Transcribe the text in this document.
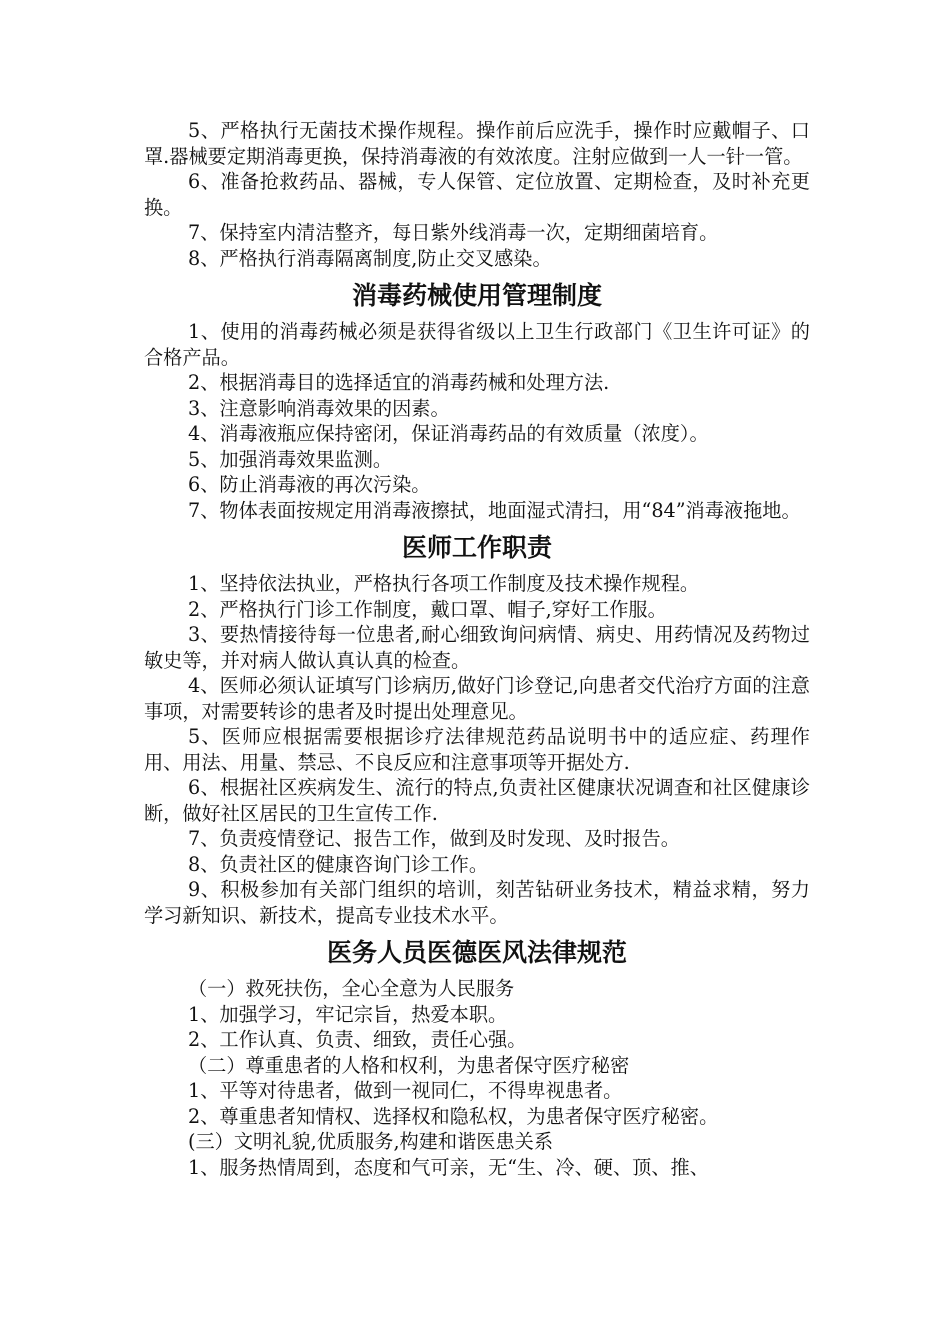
5、严格执行无菌技术操作规程。操作前后应洗手，操作时应戴帽子、口罩.器械要定期消毒更换，保持消毒液的有效浓度。注射应做到一人一针一管。

6、准备抢救药品、器械，专人保管、定位放置、定期检查，及时补充更换。

7、保持室内清洁整齐，每日紫外线消毒一次，定期细菌培育。

8、严格执行消毒隔离制度,防止交叉感染。

消毒药械使用管理制度

1、使用的消毒药械必须是获得省级以上卫生行政部门《卫生许可证》的合格产品。

2、根据消毒目的选择适宜的消毒药械和处理方法.

3、注意影响消毒效果的因素。

4、消毒液瓶应保持密闭，保证消毒药品的有效质量（浓度）。

5、加强消毒效果监测。

6、防止消毒液的再次污染。

7、物体表面按规定用消毒液擦拭，地面湿式清扫，用“84”消毒液拖地。

医师工作职责

1、坚持依法执业，严格执行各项工作制度及技术操作规程。

2、严格执行门诊工作制度，戴口罩、帽子,穿好工作服。

3、要热情接待每一位患者,耐心细致询问病情、病史、用药情况及药物过敏史等，并对病人做认真认真的检查。

4、医师必须认证填写门诊病历,做好门诊登记,向患者交代治疗方面的注意事项，对需要转诊的患者及时提出处理意见。

5、医师应根据需要根据诊疗法律规范药品说明书中的适应症、药理作用、用法、用量、禁忌、不良反应和注意事项等开据处方.

6、根据社区疾病发生、流行的特点,负责社区健康状况调查和社区健康诊断，做好社区居民的卫生宣传工作.

7、负责疫情登记、报告工作，做到及时发现、及时报告。

8、负责社区的健康咨询门诊工作。

9、积极参加有关部门组织的培训，刻苦钻研业务技术，精益求精，努力学习新知识、新技术，提高专业技术水平。

医务人员医德医风法律规范

（一）救死扶伤，全心全意为人民服务

1、加强学习，牢记宗旨，热爱本职。

2、工作认真、负责、细致，责任心强。

（二）尊重患者的人格和权利，为患者保守医疗秘密

1、平等对待患者，做到一视同仁，不得卑视患者。

2、尊重患者知情权、选择权和隐私权，为患者保守医疗秘密。

(三）文明礼貌,优质服务,构建和谐医患关系

1、服务热情周到，态度和气可亲，无“生、冷、硬、顶、推、
